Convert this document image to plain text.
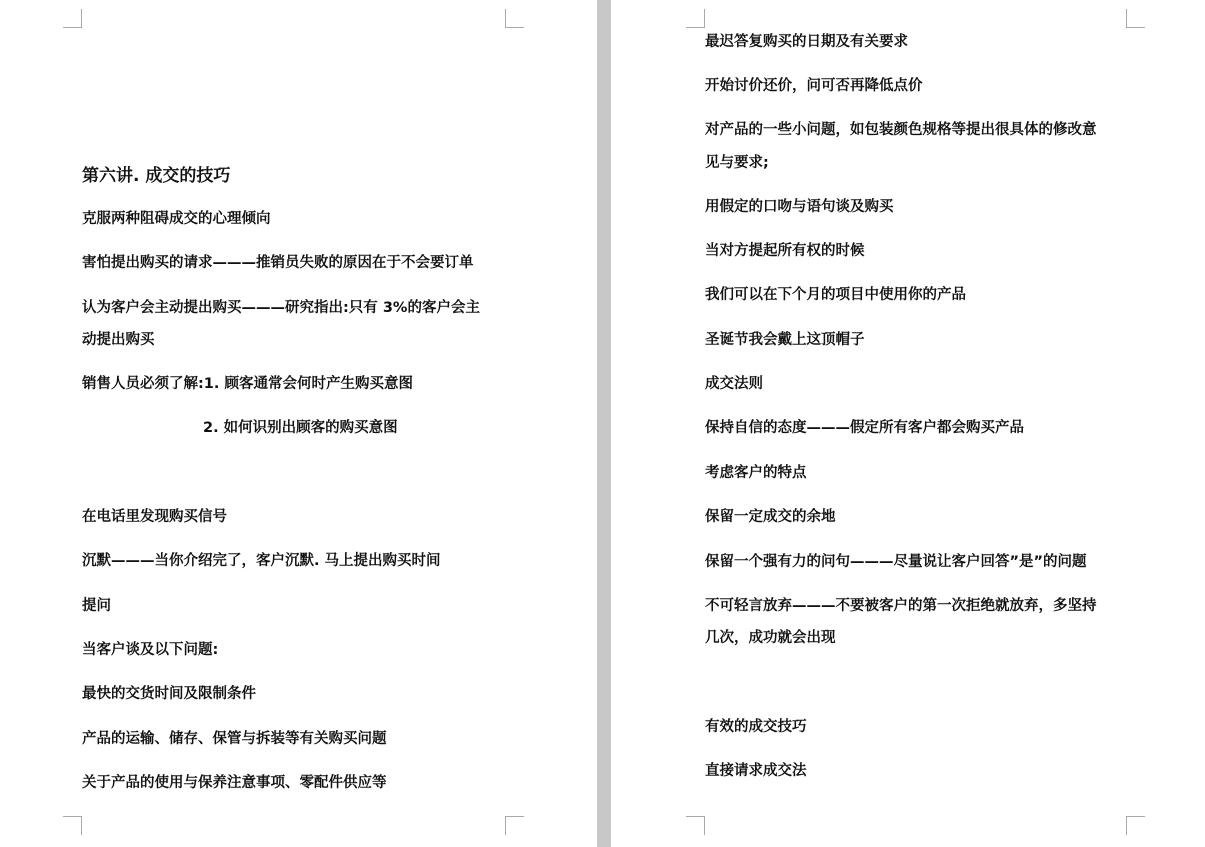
第六讲. 成交的技巧
克服两种阻碍成交的心理倾向
害怕提出购买的请求———推销员失败的原因在于不会要订单
认为客户会主动提出购买———研究指出:只有 3%的客户会主
动提出购买
销售人员必须了解:1. 顾客通常会何时产生购买意图
2. 如何识别出顾客的购买意图
在电话里发现购买信号
沉默———当你介绍完了，客户沉默. 马上提出购买时间
提问
当客户谈及以下问题:
最快的交货时间及限制条件
产品的运输、储存、保管与拆装等有关购买问题
关于产品的使用与保养注意事项、零配件供应等
最迟答复购买的日期及有关要求
开始讨价还价，问可否再降低点价
对产品的一些小问题，如包装颜色规格等提出很具体的修改意
见与要求;
用假定的口吻与语句谈及购买
当对方提起所有权的时候
我们可以在下个月的项目中使用你的产品
圣诞节我会戴上这顶帽子
成交法则
保持自信的态度———假定所有客户都会购买产品
考虑客户的特点
保留一定成交的余地
保留一个强有力的问句———尽量说让客户回答”是”的问题
不可轻言放弃———不要被客户的第一次拒绝就放弃，多坚持
几次，成功就会出现
有效的成交技巧
直接请求成交法
